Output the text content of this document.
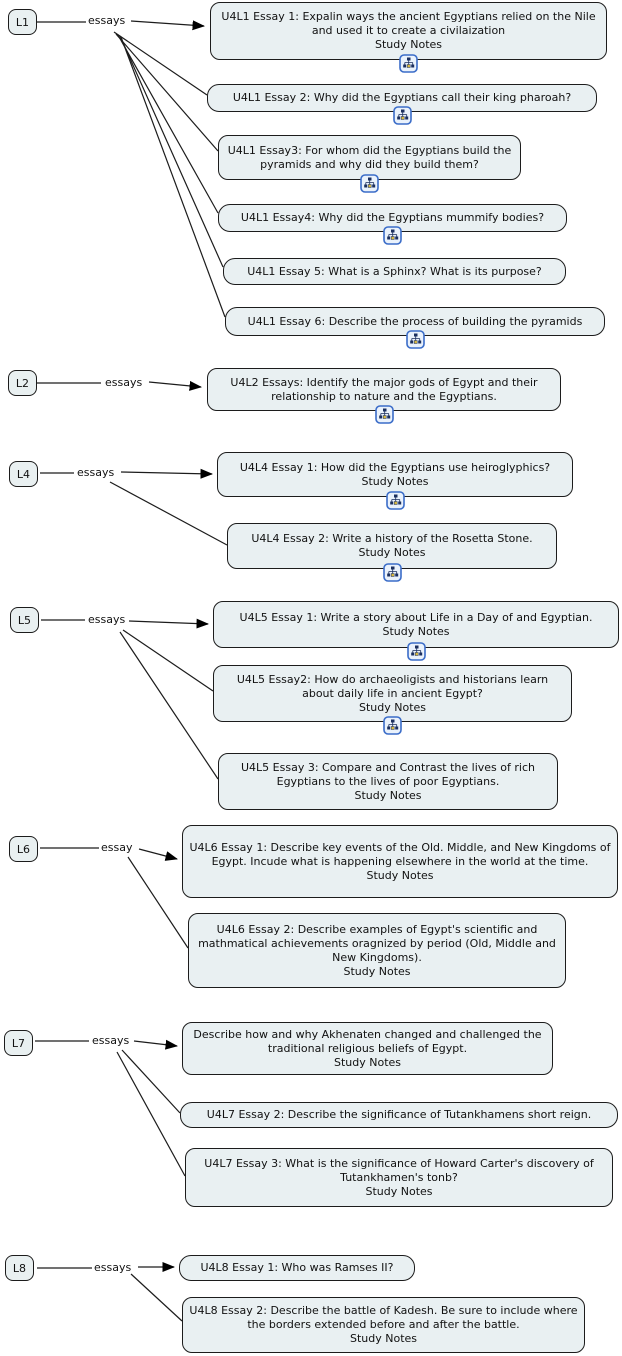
L1	essays	U4L1 Essay 1: Expalin ways the ancient Egyptians relied on the Nile and used it to create a civilaization
Study Notes
U4L1 Essay 2: Why did the Egyptians call their king pharoah?
U4L1 Essay3: For whom did the Egyptians build the pyramids and why did they build them?
U4L1 Essay4: Why did the Egyptians mummify bodies?
U4L1 Essay 5: What is a Sphinx? What is its purpose?
U4L1 Essay 6: Describe the process of building the pyramids
L2	essays	U4L2 Essays: Identify the major gods of Egypt and their relationship to nature and the Egyptians.
L4	essays	U4L4 Essay 1: How did the Egyptians use heiroglyphics?
Study Notes
U4L4 Essay 2: Write a history of the Rosetta Stone.
Study Notes
L5	essays	U4L5 Essay 1: Write a story about Life in a Day of and Egyptian.
Study Notes
U4L5 Essay2: How do archaeoligists and historians learn about daily life in ancient Egypt?
Study Notes
U4L5 Essay 3: Compare and Contrast the lives of rich Egyptians to the lives of poor Egyptians.
Study Notes
L6	essay	U4L6 Essay 1: Describe key events of the Old. Middle, and New Kingdoms of Egypt. Incude what is happening elsewhere in the world at the time.
Study Notes
U4L6 Essay 2: Describe examples of Egypt's scientific and mathmatical achievements oragnized by period (Old, Middle and New Kingdoms).
Study Notes
L7	essays	Describe how and why Akhenaten changed and challenged the traditional religious beliefs of Egypt.
Study Notes
U4L7 Essay 2: Describe the significance of Tutankhamens short reign.
U4L7 Essay 3: What is the significance of Howard Carter's discovery of Tutankhamen's tonb?
Study Notes
L8	essays	U4L8 Essay 1: Who was Ramses II?
U4L8 Essay 2: Describe the battle of Kadesh. Be sure to include where the borders extended before and after the battle.
Study Notes
